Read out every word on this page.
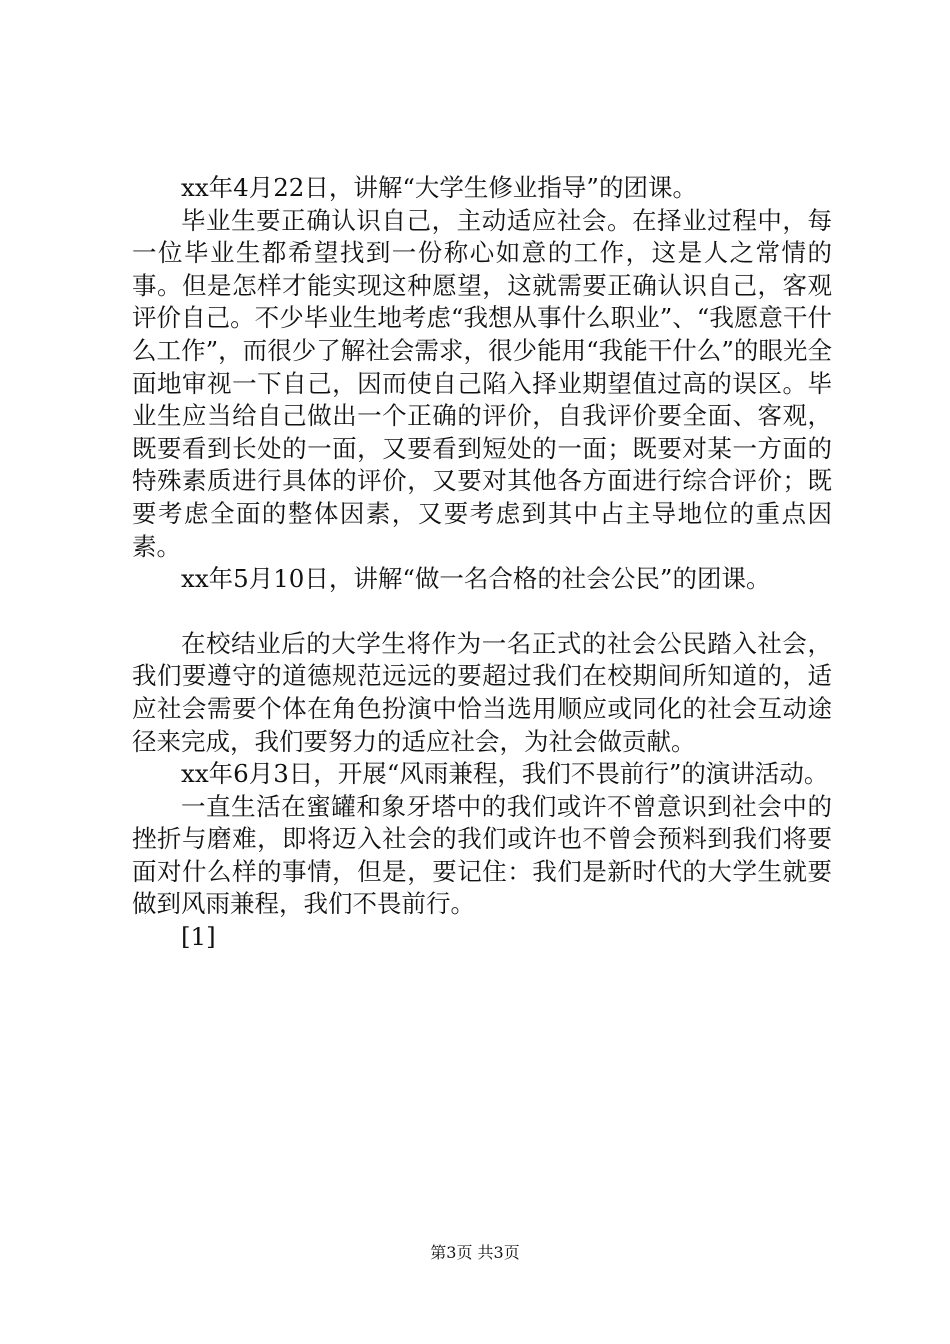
xx年4月22日，讲解“大学生修业指导”的团课。

毕业生要正确认识自己，主动适应社会。在择业过程中，每一位毕业生都希望找到一份称心如意的工作，这是人之常情的事。但是怎样才能实现这种愿望，这就需要正确认识自己，客观评价自己。不少毕业生地考虑“我想从事什么职业”、“我愿意干什么工作”，而很少了解社会需求，很少能用“我能干什么”的眼光全面地审视一下自己，因而使自己陷入择业期望值过高的误区。毕业生应当给自己做出一个正确的评价，自我评价要全面、客观，既要看到长处的一面，又要看到短处的一面；既要对某一方面的特殊素质进行具体的评价，又要对其他各方面进行综合评价；既要考虑全面的整体因素，又要考虑到其中占主导地位的重点因素。

xx年5月10日，讲解“做一名合格的社会公民”的团课。

在校结业后的大学生将作为一名正式的社会公民踏入社会，我们要遵守的道德规范远远的要超过我们在校期间所知道的，适应社会需要个体在角色扮演中恰当选用顺应或同化的社会互动途径来完成，我们要努力的适应社会，为社会做贡献。

xx年6月3日，开展“风雨兼程，我们不畏前行”的演讲活动。

一直生活在蜜罐和象牙塔中的我们或许不曾意识到社会中的挫折与磨难，即将迈入社会的我们或许也不曾会预料到我们将要面对什么样的事情，但是，要记住：我们是新时代的大学生就要做到风雨兼程，我们不畏前行。

[1]

第3页 共3页
